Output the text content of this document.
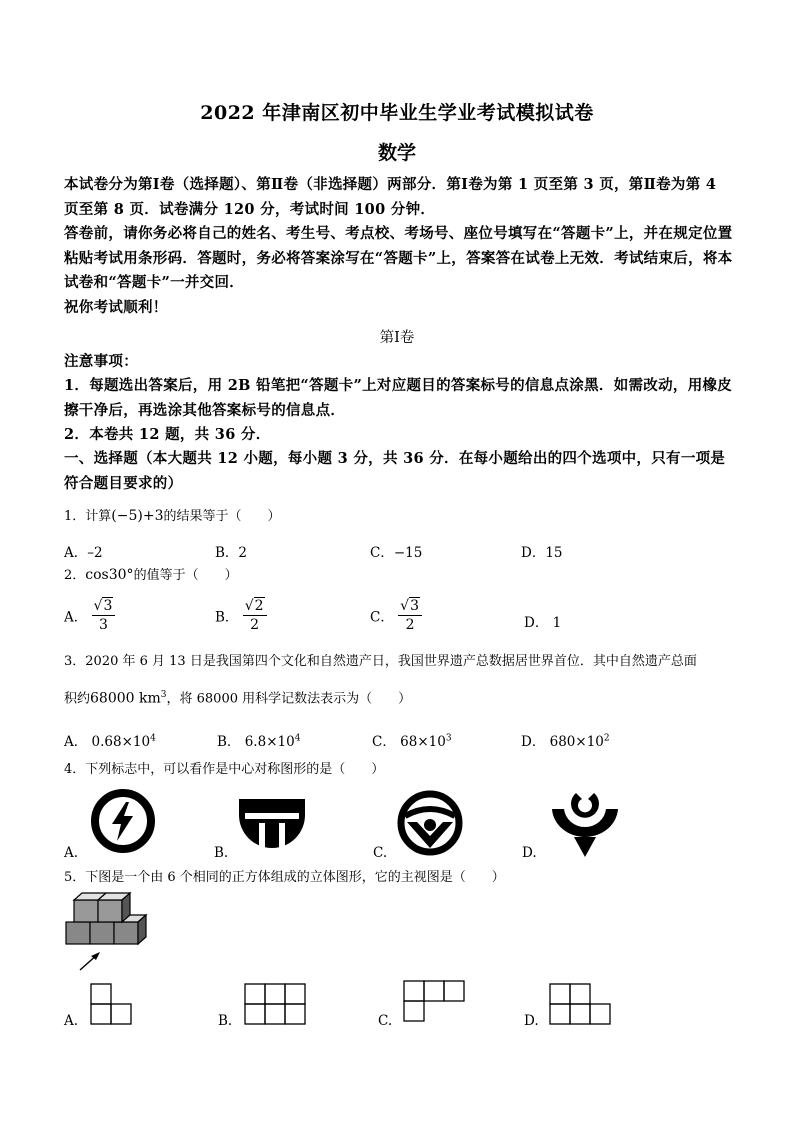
2022 年津南区初中毕业生学业考试模拟试卷
数学
本试卷分为第Ⅰ卷（选择题）、第Ⅱ卷（非选择题）两部分．第Ⅰ卷为第 1 页至第 3 页，第Ⅱ卷为第 4 页至第 8 页．试卷满分 120 分，考试时间 100 分钟．
答卷前，请你务必将自己的姓名、考生号、考点校、考场号、座位号填写在“答题卡”上，并在规定位置粘贴考试用条形码．答题时，务必将答案涂写在“答题卡”上，答案答在试卷上无效．考试结束后，将本试卷和“答题卡”一并交回．
祝你考试顺利！
第Ⅰ卷
注意事项：
1．每题选出答案后，用 2B 铅笔把“答题卡”上对应题目的答案标号的信息点涂黑．如需改动，用橡皮擦干净后，再选涂其他答案标号的信息点．
2．本卷共 12 题，共 36 分．
一、选择题（本大题共 12 小题，每小题 3 分，共 36 分．在每小题给出的四个选项中，只有一项是符合题目要求的）
1．计算(−5)+3的结果等于（　　）
A．–2	B．2	C．−15	D．15
2．cos30°的值等于（　　）
A． $\frac{√3}{3}$	B． $\frac{√2}{2}$	C． $\frac{√3}{2}$	D． 1
3．2020 年 6 月 13 日是我国第四个文化和自然遗产日，我国世界遗产总数据居世界首位．其中自然遗产总面
积约68000 $km^3$，将 68000 用科学记数法表示为（　　）
A． $0.68\times 10^4$	B． $6.8\times 10^4$	C． $68\times 10^3$	D． $680\times 10^2$
4．下列标志中，可以看作是中心对称图形的是（　　）
A.	B.	C.	D.
5．下图是一个由 6 个相同的正方体组成的立体图形，它的主视图是（　　）
A.	B.	C.	D.
